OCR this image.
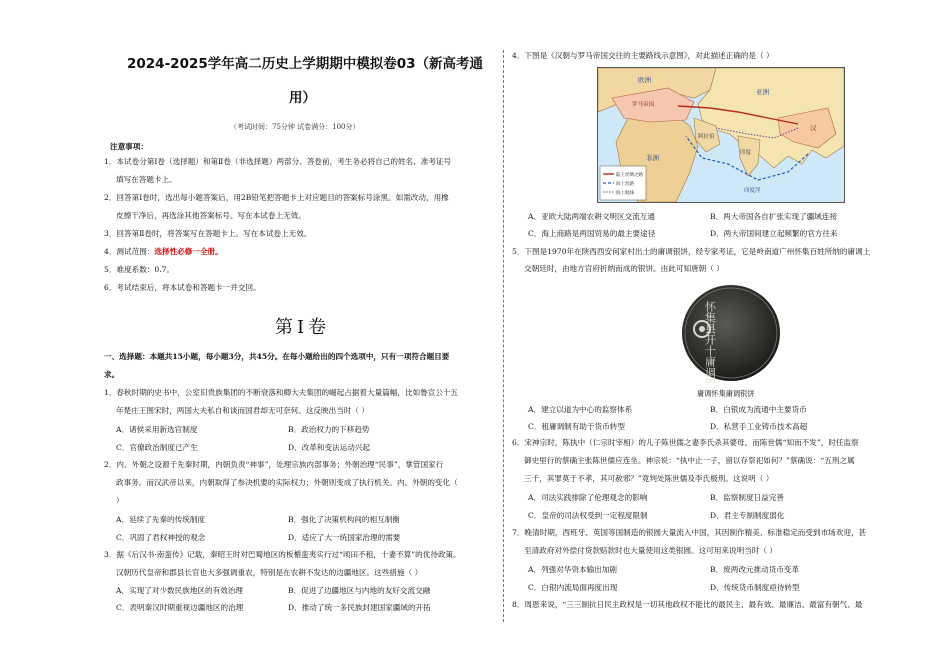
2024-2025学年高二历史上学期期中模拟卷03（新高考通
用）
（考试时间：75分钟 试卷满分：100分）
注意事项：
1．本试卷分第Ⅰ卷（选择题）和第Ⅱ卷（非选择题）两部分。答卷前，考生务必将自己的姓名、准考证号
填写在答题卡上。
2．回答第Ⅰ卷时，选出每小题答案后，用2B铅笔把答题卡上对应题目的答案标号涂黑。如需改动，用橡
皮擦干净后，再选涂其他答案标号。写在本试卷上无效。
3．回答第Ⅱ卷时，将答案写在答题卡上。写在本试卷上无效。
4．测试范围：选择性必修一全册。
5．难度系数：0.7。
6．考试结束后，将本试卷和答题卡一并交回。
第Ⅰ卷
一、选择题：本题共15小题，每小题3分，共45分。在每小题给出的四个选项中，只有一项符合题目要
求。
1．春秋时期的史书中，公室旧贵族集团的不断衰落和卿大夫集团的崛起占据着大量篇幅，比如鲁宣公十五
年楚庄王围宋时，两国大夫私自和谈而国君却无可奈何。这反映出当时（ ）
A．诸侯采用新选官制度	B．政治权力的下移趋势
C．官僚政治制度已产生	D．改革和变法运动兴起
2．内、外朝之设源于先秦时期，内朝负责“神事”，处理宗族内部事务；外朝治理“民事”，掌管国家行
政事务。而汉武帝以来，内朝取得了参决机要的实际权力；外朝则变成了执行机关。内、外朝的变化（
）
A．延续了先秦的传统制度	B．强化了决策机构间的相互制衡
C．巩固了君权神授的观念	D．适应了大一统国家治理的需要
3．据《后汉书·南蛮传》记载，秦昭王时对巴蜀地区的板楯蛮夷实行过“顷田不租，十妻不算”的优待政策。
汉朝历代皇帝和郡县长官也大多强调重农，特别是在农耕不发达的边疆地区。这些措施（ ）
A．实现了对少数民族地区的有效治理	B．促进了边疆地区与内地的友好交流交融
C．表明秦汉时期重视边疆地区的治理	D．推动了统一多民族封建国家疆域的开拓
4．下图是《汉朝与罗马帝国交往的主要路线示意图》，对此描述正确的是（ ）
欧洲
罗马帝国
亚洲
汉
非洲
阿拉伯
印度
印度洋
陆上丝绸之路
海上丝路
海上航线
A．亚欧大陆两端农耕文明区交流互通	B．两大帝国各自扩张实现了疆域连接
C．海上商路是两国贸易的最主要途径	D．两大帝国间建立起频繁的官方往来
5．下图是1970年在陕西西安何家村出土的庸调银饼，经专家考证，它是岭南道广州怀集百姓所纳的庸调上
交朝廷时，由地方官府折纳而成的银饼。由此可知唐朝（ ）
怀集县开十庸调银拾两
庸调怀集庸调银饼
A．建立以道为中心的监察体系	B．白银成为流通中主要货币
C．租庸调制有助于货币转型	D．私营手工业铸币技术高超
6．宋神宗时，陈执中（仁宗时宰相）的儿子陈世儒之妻李氏杀其婆母，而陈世儒“知而不发”，时任监察
御史里行的蔡确主张陈世儒应连坐。神宗说：“执中止一子，留以存祭祀如何？”蔡确说：“五刑之属
三千，其罪莫于不孝，其可赦邪？”竟判处陈世儒及李氏极刑。这说明（ ）
A．司法实践排除了伦理观念的影响	B．监察制度日益完善
C．皇帝的司法权受到一定程度限制	D．君主专制制度弱化
7．晚清时期，西班牙、英国等国制造的银圆大量流入中国，其因制作精美、标准稳定而受到市场欢迎，甚
至清政府对外偿付贷款赔款时也大量使用这类银圆。这可用来说明当时（ ）
A．列强对华资本输出加剧	B．废两改元推动货币变革
C．白银内流局面再度出现	D．传统货币制度亟待转型
8．周恩来说，“三三制抗日民主政权是一切其他政权不能比的最民主、最有效、最廉洁、最富有朝气、最
